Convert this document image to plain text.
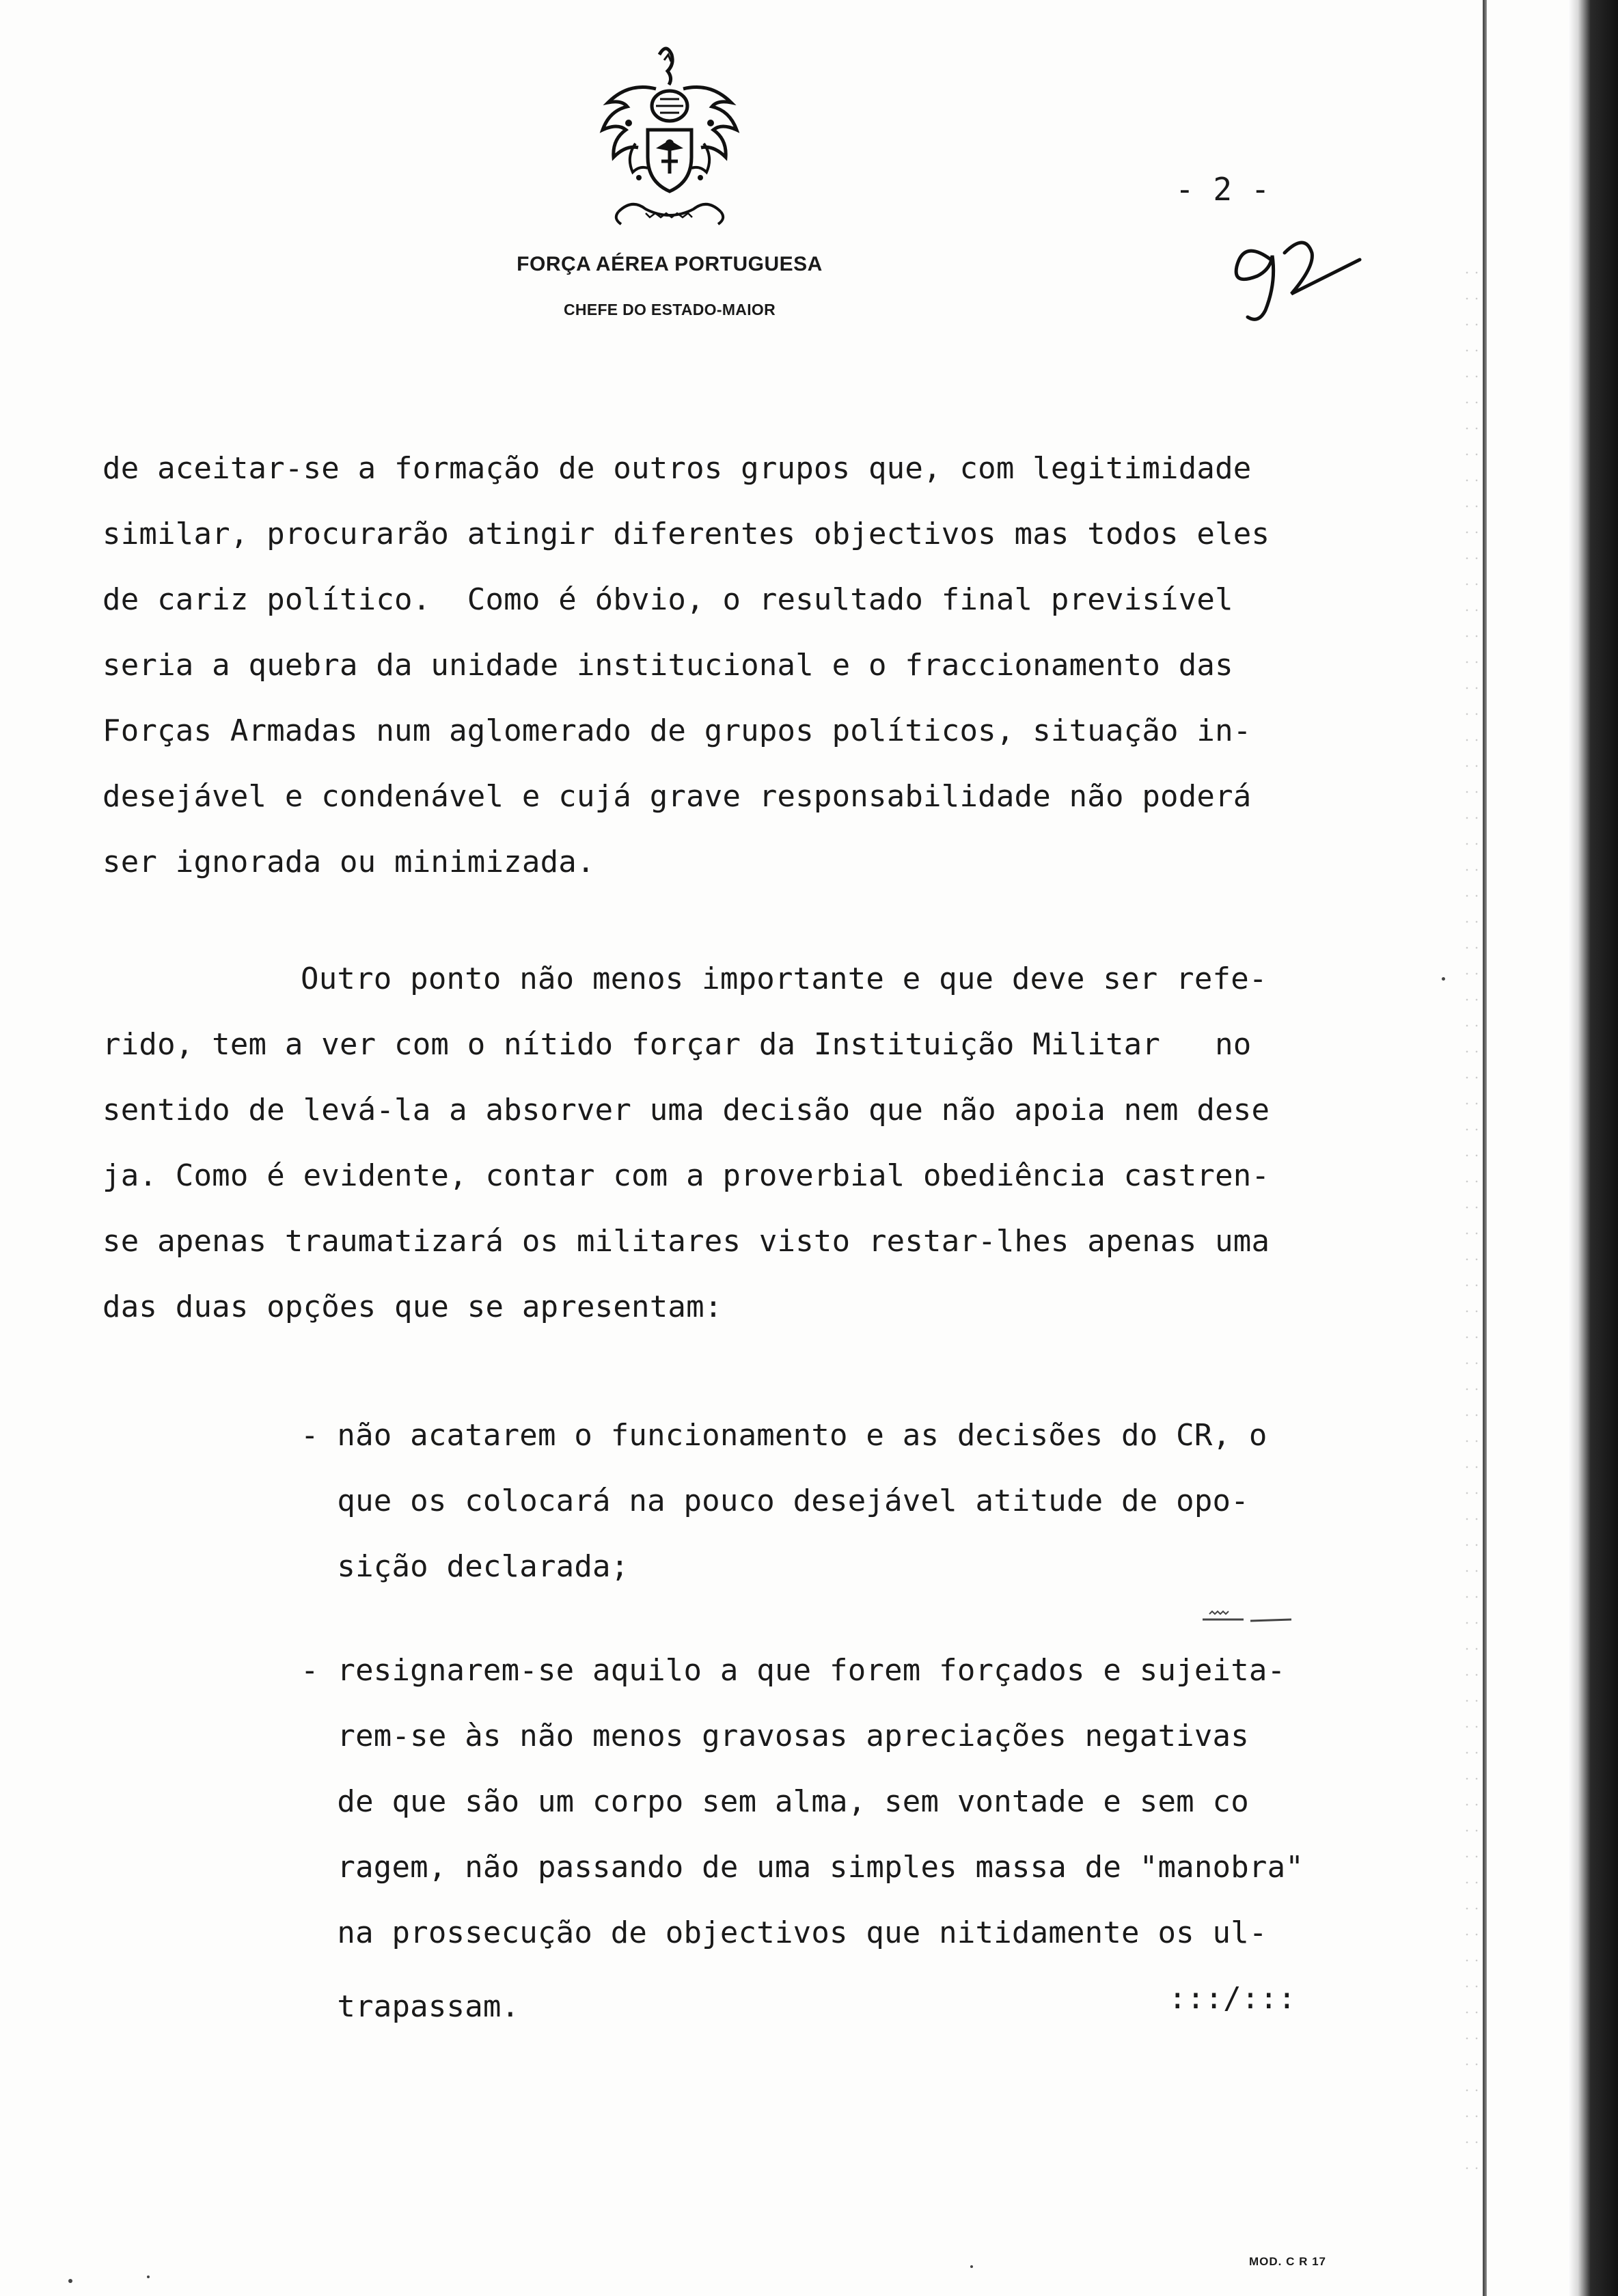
FORÇA AÉREA PORTUGUESA
CHEFE DO ESTADO-MAIOR
- 2 -
de aceitar-se a formação de outros grupos que, com legitimidade
similar, procurarão atingir diferentes objectivos mas todos eles
de cariz político.  Como é óbvio, o resultado final previsível
seria a quebra da unidade institucional e o fraccionamento das
Forças Armadas num aglomerado de grupos políticos, situação in-
desejável e condenável e cujá grave responsabilidade não poderá
ser ignorada ou minimizada.
Outro ponto não menos importante e que deve ser refe-
rido, tem a ver com o nítido forçar da Instituição Militar   no
sentido de levá-la a absorver uma decisão que não apoia nem dese
ja. Como é evidente, contar com a proverbial obediência castren-
se apenas traumatizará os militares visto restar-lhes apenas uma
das duas opções que se apresentam:
- não acatarem o funcionamento e as decisões do CR, o
que os colocará na pouco desejável atitude de opo-
sição declarada;
- resignarem-se aquilo a que forem forçados e sujeita-
rem-se às não menos gravosas apreciações negativas
de que são um corpo sem alma, sem vontade e sem co
ragem, não passando de uma simples massa de "manobra"
na prossecução de objectivos que nitidamente os ul-
trapassam.	:::/:::
MOD. C R 17
